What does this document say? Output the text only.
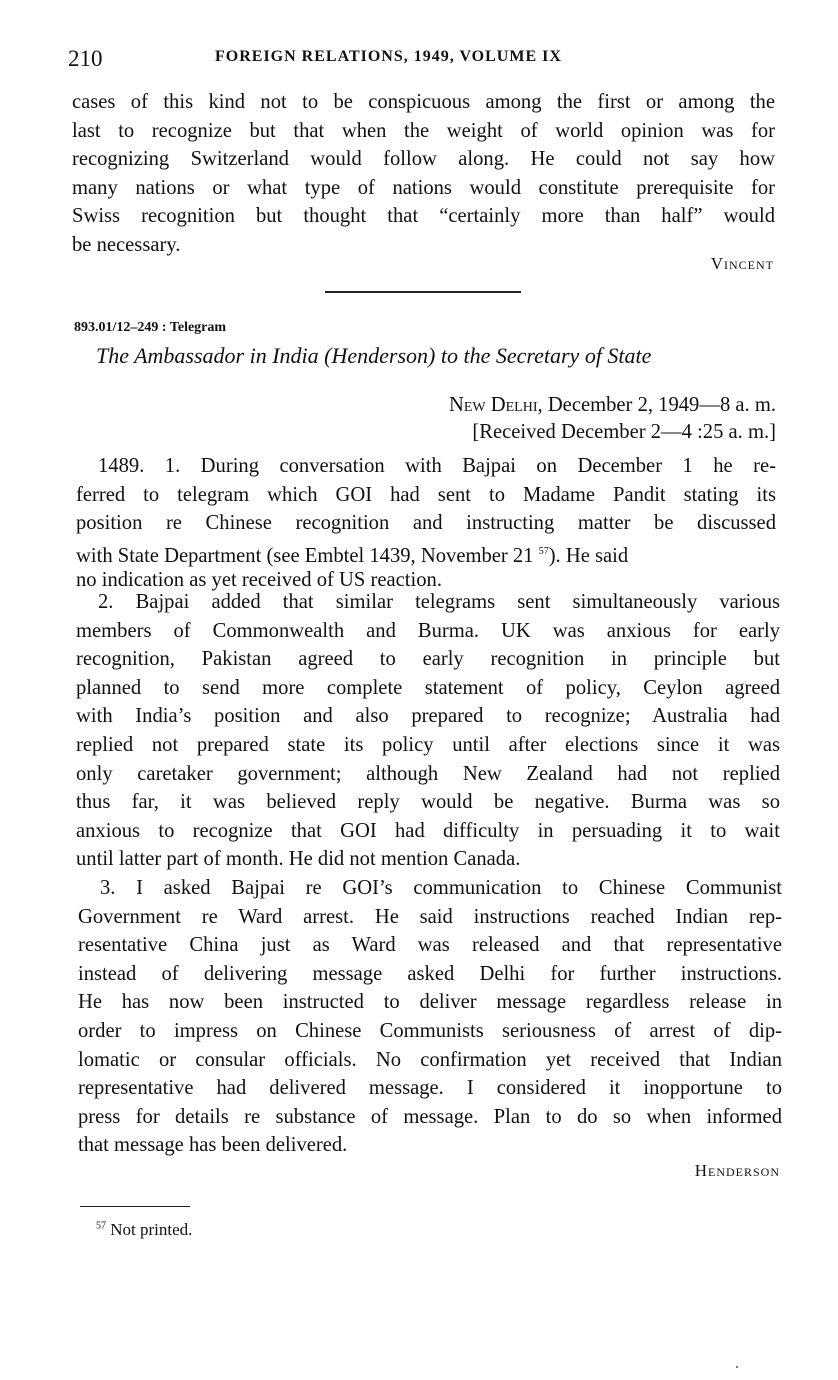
210	FOREIGN RELATIONS, 1949, VOLUME IX
cases of this kind not to be conspicuous among the first or among the
last to recognize but that when the weight of world opinion was for
recognizing Switzerland would follow along. He could not say how
many nations or what type of nations would constitute prerequisite for
Swiss recognition but thought that “certainly more than half” would
be necessary.
Vincent
893.01/12–249 : Telegram
The Ambassador in India (Henderson) to the Secretary of State
New Delhi, December 2, 1949—8 a. m.
[Received December 2—4 :25 a. m.]
1489. 1. During conversation with Bajpai on December 1 he re-
ferred to telegram which GOI had sent to Madame Pandit stating its
position re Chinese recognition and instructing matter be discussed
with State Department (see Embtel 1439, November 21 $^{57}$). He said
no indication as yet received of US reaction.
2. Bajpai added that similar telegrams sent simultaneously various
members of Commonwealth and Burma. UK was anxious for early
recognition, Pakistan agreed to early recognition in principle but
planned to send more complete statement of policy, Ceylon agreed
with India’s position and also prepared to recognize; Australia had
replied not prepared state its policy until after elections since it was
only caretaker government; although New Zealand had not replied
thus far, it was believed reply would be negative. Burma was so
anxious to recognize that GOI had difficulty in persuading it to wait
until latter part of month. He did not mention Canada.
3. I asked Bajpai re GOI’s communication to Chinese Communist
Government re Ward arrest. He said instructions reached Indian rep-
resentative China just as Ward was released and that representative
instead of delivering message asked Delhi for further instructions.
He has now been instructed to deliver message regardless release in
order to impress on Chinese Communists seriousness of arrest of dip-
lomatic or consular officials. No confirmation yet received that Indian
representative had delivered message. I considered it inopportune to
press for details re substance of message. Plan to do so when informed
that message has been delivered.
Henderson
$^{57}$ Not printed.
